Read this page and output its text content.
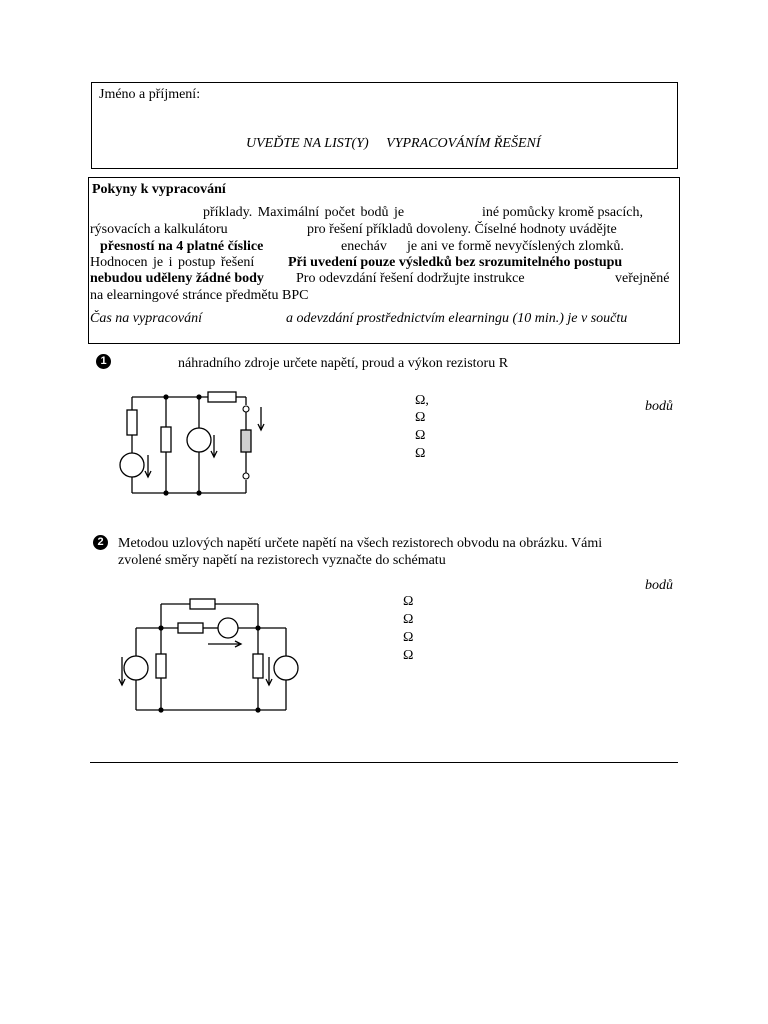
Jméno a příjmení:
UVEĎTE NA LIST(Y)     VYPRACOVÁNÍM ŘEŠENÍ
Pokyny k vypracování
příklady. Maximální počet bodů je	iné pomůcky kromě psacích,
rýsovacích a kalkulátoru	pro řešení příkladů dovoleny. Číselné hodnoty uvádějte
přesností na 4 platné číslice	enecháv je ani ve formě nevyčíslených zlomků.
Hodnocen je i postup řešení Při uvedení pouze výsledků bez srozumitelného postupu
nebudou uděleny žádné body Pro odevzdání řešení dodržujte instrukce	veřejněné
na elearningové stránce předmětu BPC
Čas na vypracování	a odevzdání prostřednictvím elearningu (10 min.) je v součtu
1	náhradního zdroje určete napětí, proud a výkon rezistoru R
Ω,
Ω
Ω
Ω
bodů
2	Metodou uzlových napětí určete napětí na všech rezistorech obvodu na obrázku. Vámi
zvolené směry napětí na rezistorech vyznačte do schématu
bodů
Ω
Ω
Ω
Ω
